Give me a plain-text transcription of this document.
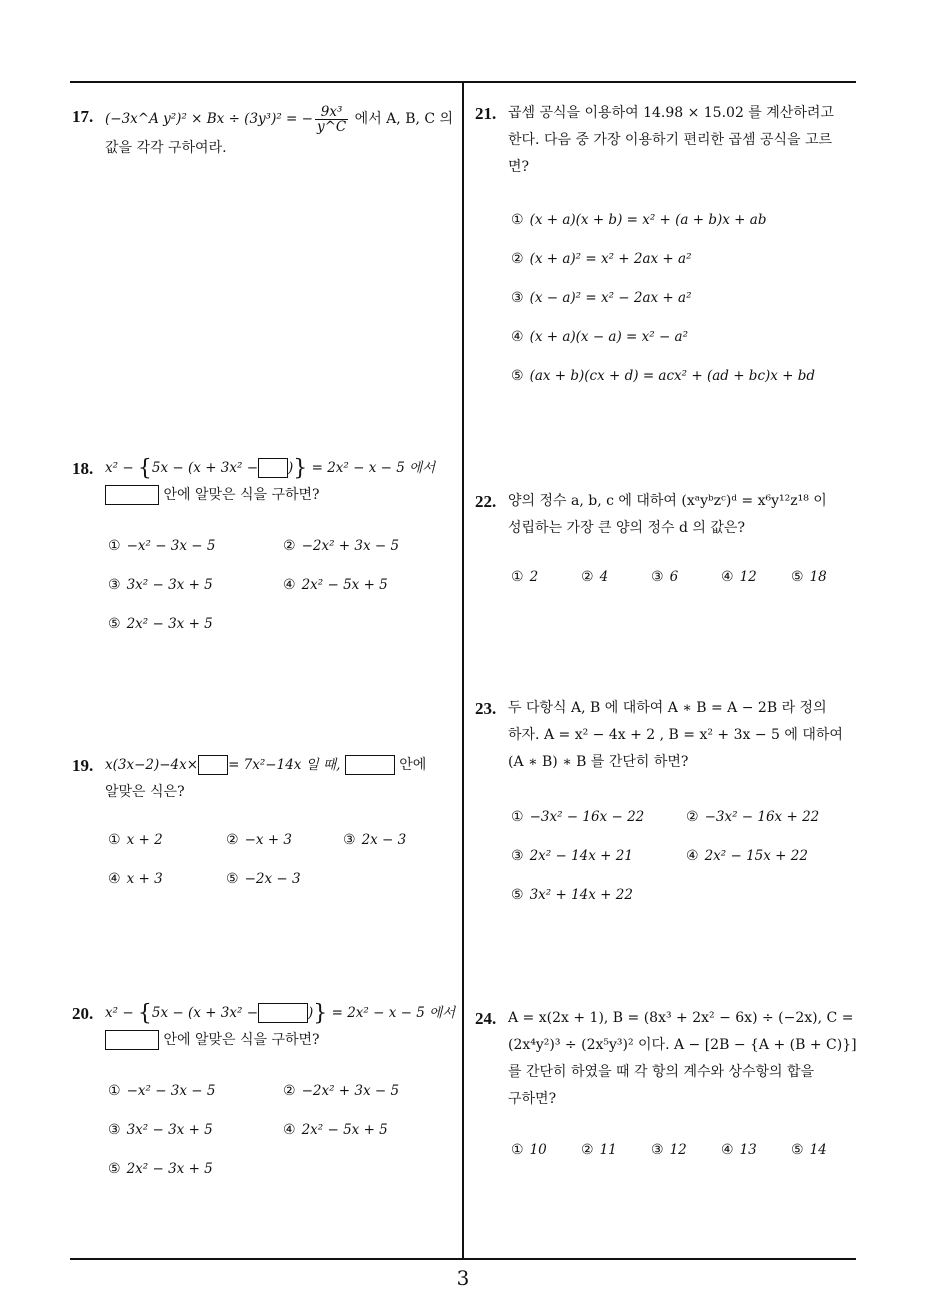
17. (−3x^A y²)² × Bx ÷ (3y³)² = − $\frac{\text{9x³}}{y\^{}C}$ 에서 A, B, C 의
값을 각각 구하여라.
18. x² − {5x − (x + 3x² − )} = 2x² − x − 5 에서
안에 알맞은 식을 구하면?
① −x² − 3x − 5	② −2x² + 3x − 5
③ 3x² − 3x + 5	④ 2x² − 5x + 5
⑤ 2x² − 3x + 5
19. x(3x−2)−4x× = 7x²−14x 일 때,	안에
알맞은 식은?
① x + 2	② −x + 3	③ 2x − 3
④ x + 3	⑤ −2x − 3
20. x² − {5x − (x + 3x² −	)} = 2x² − x − 5 에서
안에 알맞은 식을 구하면?
① −x² − 3x − 5	② −2x² + 3x − 5
③ 3x² − 3x + 5	④ 2x² − 5x + 5
⑤ 2x² − 3x + 5
21. 곱셈 공식을 이용하여 14.98 × 15.02 를 계산하려고
한다. 다음 중 가장 이용하기 편리한 곱셈 공식을 고르
면?
① (x + a)(x + b) = x² + (a + b)x + ab
② (x + a)² = x² + 2ax + a²
③ (x − a)² = x² − 2ax + a²
④ (x + a)(x − a) = x² − a²
⑤ (ax + b)(cx + d) = acx² + (ad + bc)x + bd
22. 양의 정수 a, b, c 에 대하여 (xᵃyᵇzᶜ)ᵈ = x⁶y¹²z¹⁸ 이
성립하는 가장 큰 양의 정수 d 의 값은?
① 2	② 4	③ 6	④ 12 ⑤ 18
23. 두 다항식 A, B 에 대하여 A ∗ B = A − 2B 라 정의
하자. A = x² − 4x + 2 , B = x² + 3x − 5 에 대하여
(A ∗ B) ∗ B 를 간단히 하면?
① −3x² − 16x − 22	② −3x² − 16x + 22
③ 2x² − 14x + 21	④ 2x² − 15x + 22
⑤ 3x² + 14x + 22
24. A = x(2x + 1), B = (8x³ + 2x² − 6x) ÷ (−2x), C =
(2x⁴y²)³ ÷ (2x⁵y³)² 이다. A − [2B − {A + (B + C)}]
를 간단히 하였을 때 각 항의 계수와 상수항의 합을
구하면?
① 10 ② 11 ③ 12 ④ 13 ⑤ 14
3
